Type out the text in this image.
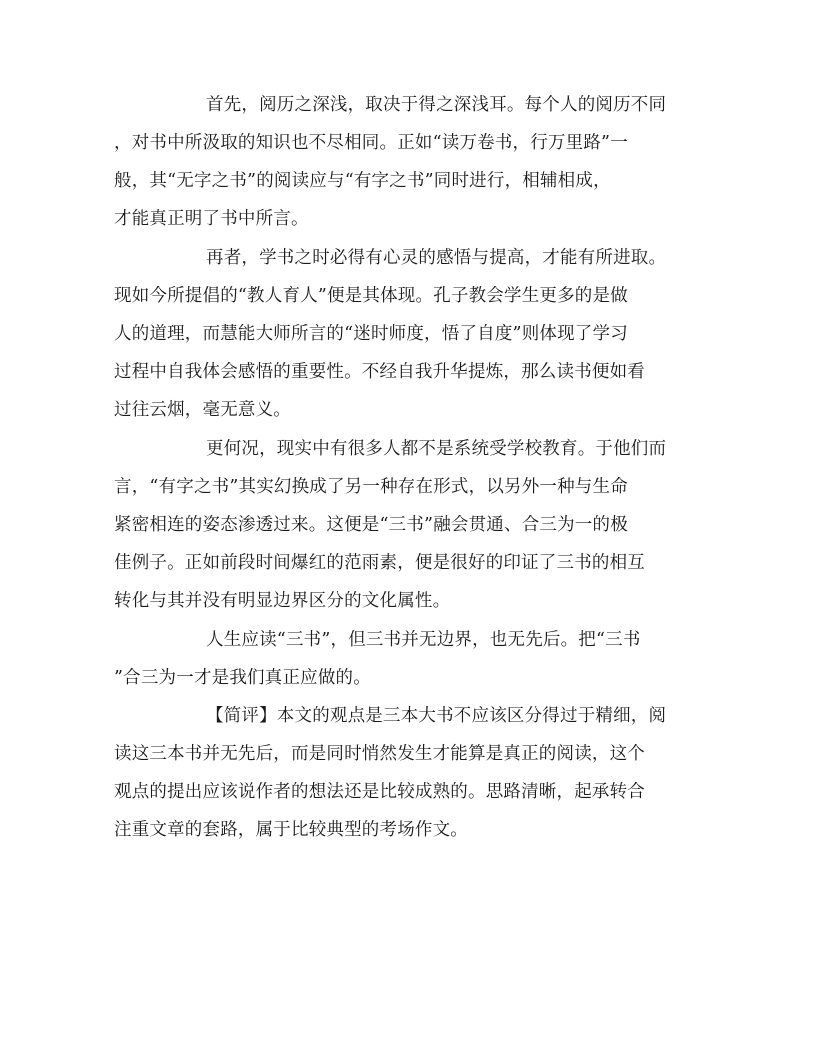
首先，阅历之深浅，取决于得之深浅耳。每个人的阅历不同
，对书中所汲取的知识也不尽相同。正如“读万卷书，行万里路”一
般，其“无字之书”的阅读应与“有字之书”同时进行，相辅相成，
才能真正明了书中所言。
再者，学书之时必得有心灵的感悟与提高，才能有所进取。
现如今所提倡的“教人育人”便是其体现。孔子教会学生更多的是做
人的道理，而慧能大师所言的“迷时师度，悟了自度”则体现了学习
过程中自我体会感悟的重要性。不经自我升华提炼，那么读书便如看
过往云烟，毫无意义。
更何况，现实中有很多人都不是系统受学校教育。于他们而
言，“有字之书”其实幻换成了另一种存在形式，以另外一种与生命
紧密相连的姿态渗透过来。这便是“三书”融会贯通、合三为一的极
佳例子。正如前段时间爆红的范雨素，便是很好的印证了三书的相互
转化与其并没有明显边界区分的文化属性。
人生应读“三书”，但三书并无边界，也无先后。把“三书
”合三为一才是我们真正应做的。
【简评】本文的观点是三本大书不应该区分得过于精细，阅
读这三本书并无先后，而是同时悄然发生才能算是真正的阅读，这个
观点的提出应该说作者的想法还是比较成熟的。思路清晰，起承转合
注重文章的套路，属于比较典型的考场作文。
